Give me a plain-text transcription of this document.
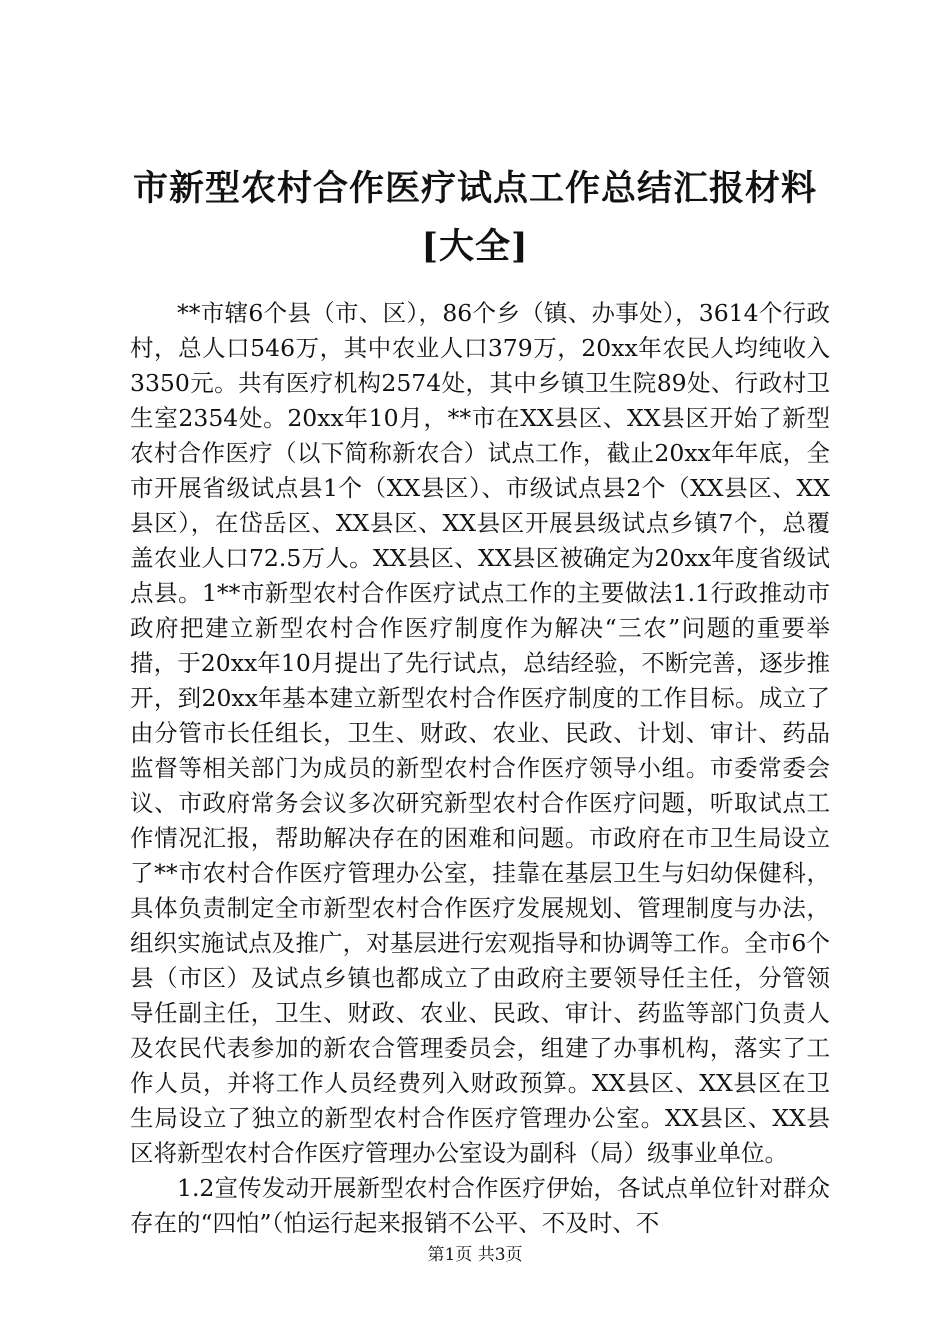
市新型农村合作医疗试点工作总结汇报材料[大全]

**市辖6个县（市、区），86个乡（镇、办事处），3614个行政村，总人口546万，其中农业人口379万，20xx年农民人均纯收入3350元。共有医疗机构2574处，其中乡镇卫生院89处、行政村卫生室2354处。20xx年10月，**市在XX县区、XX县区开始了新型农村合作医疗（以下简称新农合）试点工作，截止20xx年年底，全市开展省级试点县1个（XX县区）、市级试点县2个（XX县区、XX县区），在岱岳区、XX县区、XX县区开展县级试点乡镇7个，总覆盖农业人口72.5万人。XX县区、XX县区被确定为20xx年度省级试点县。1**市新型农村合作医疗试点工作的主要做法1.1行政推动市政府把建立新型农村合作医疗制度作为解决“三农”问题的重要举措，于20xx年10月提出了先行试点，总结经验，不断完善，逐步推开，到20xx年基本建立新型农村合作医疗制度的工作目标。成立了由分管市长任组长，卫生、财政、农业、民政、计划、审计、药品监督等相关部门为成员的新型农村合作医疗领导小组。市委常委会议、市政府常务会议多次研究新型农村合作医疗问题，听取试点工作情况汇报，帮助解决存在的困难和问题。市政府在市卫生局设立了**市农村合作医疗管理办公室，挂靠在基层卫生与妇幼保健科，具体负责制定全市新型农村合作医疗发展规划、管理制度与办法，组织实施试点及推广，对基层进行宏观指导和协调等工作。全市6个县（市区）及试点乡镇也都成立了由政府主要领导任主任，分管领导任副主任，卫生、财政、农业、民政、审计、药监等部门负责人及农民代表参加的新农合管理委员会，组建了办事机构，落实了工作人员，并将工作人员经费列入财政预算。XX县区、XX县区在卫生局设立了独立的新型农村合作医疗管理办公室。XX县区、XX县区将新型农村合作医疗管理办公室设为副科（局）级事业单位。

1.2宣传发动开展新型农村合作医疗伊始，各试点单位针对群众存在的“四怕”（怕运行起来报销不公平、不及时、不

第1页 共3页
